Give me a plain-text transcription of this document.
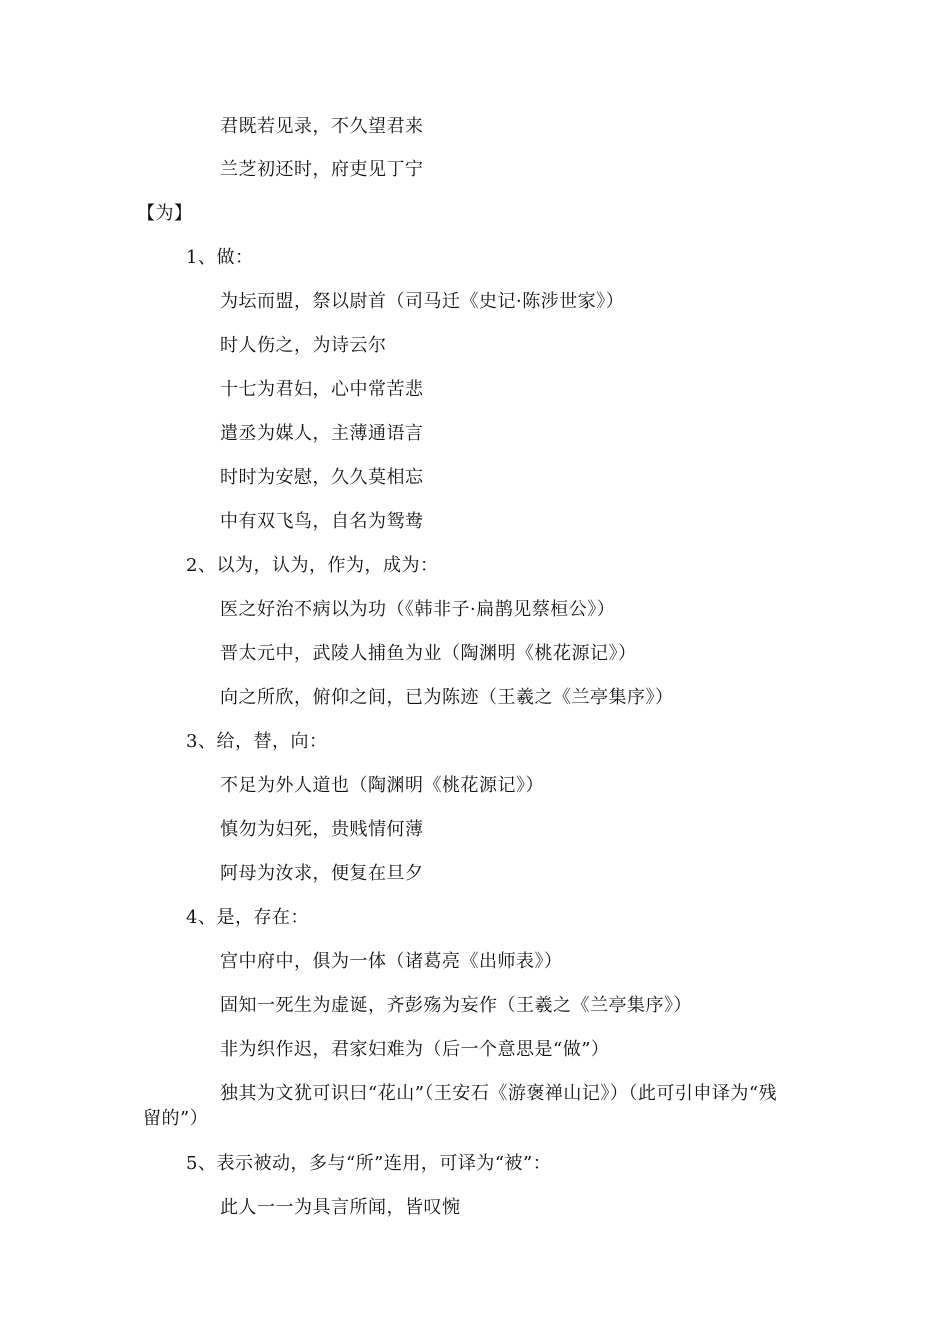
君既若见录，不久望君来
兰芝初还时，府吏见丁宁
【为】
1、做：
为坛而盟，祭以尉首（司马迁《史记·陈涉世家》）
时人伤之，为诗云尔
十七为君妇，心中常苦悲
遣丞为媒人，主薄通语言
时时为安慰，久久莫相忘
中有双飞鸟，自名为鸳鸯
2、以为，认为，作为，成为：
医之好治不病以为功（《韩非子·扁鹊见蔡桓公》）
晋太元中，武陵人捕鱼为业（陶渊明《桃花源记》）
向之所欣，俯仰之间，已为陈迹（王羲之《兰亭集序》）
3、给，替，向：
不足为外人道也（陶渊明《桃花源记》）
慎勿为妇死，贵贱情何薄
阿母为汝求，便复在旦夕
4、是，存在：
宫中府中，俱为一体（诸葛亮《出师表》）
固知一死生为虚诞，齐彭殇为妄作（王羲之《兰亭集序》）
非为织作迟，君家妇难为（后一个意思是“做”）
独其为文犹可识曰“花山”（王安石《游褒禅山记》）（此可引申译为“残
留的”）
5、表示被动，多与“所”连用，可译为“被”：
此人一一为具言所闻，皆叹惋
